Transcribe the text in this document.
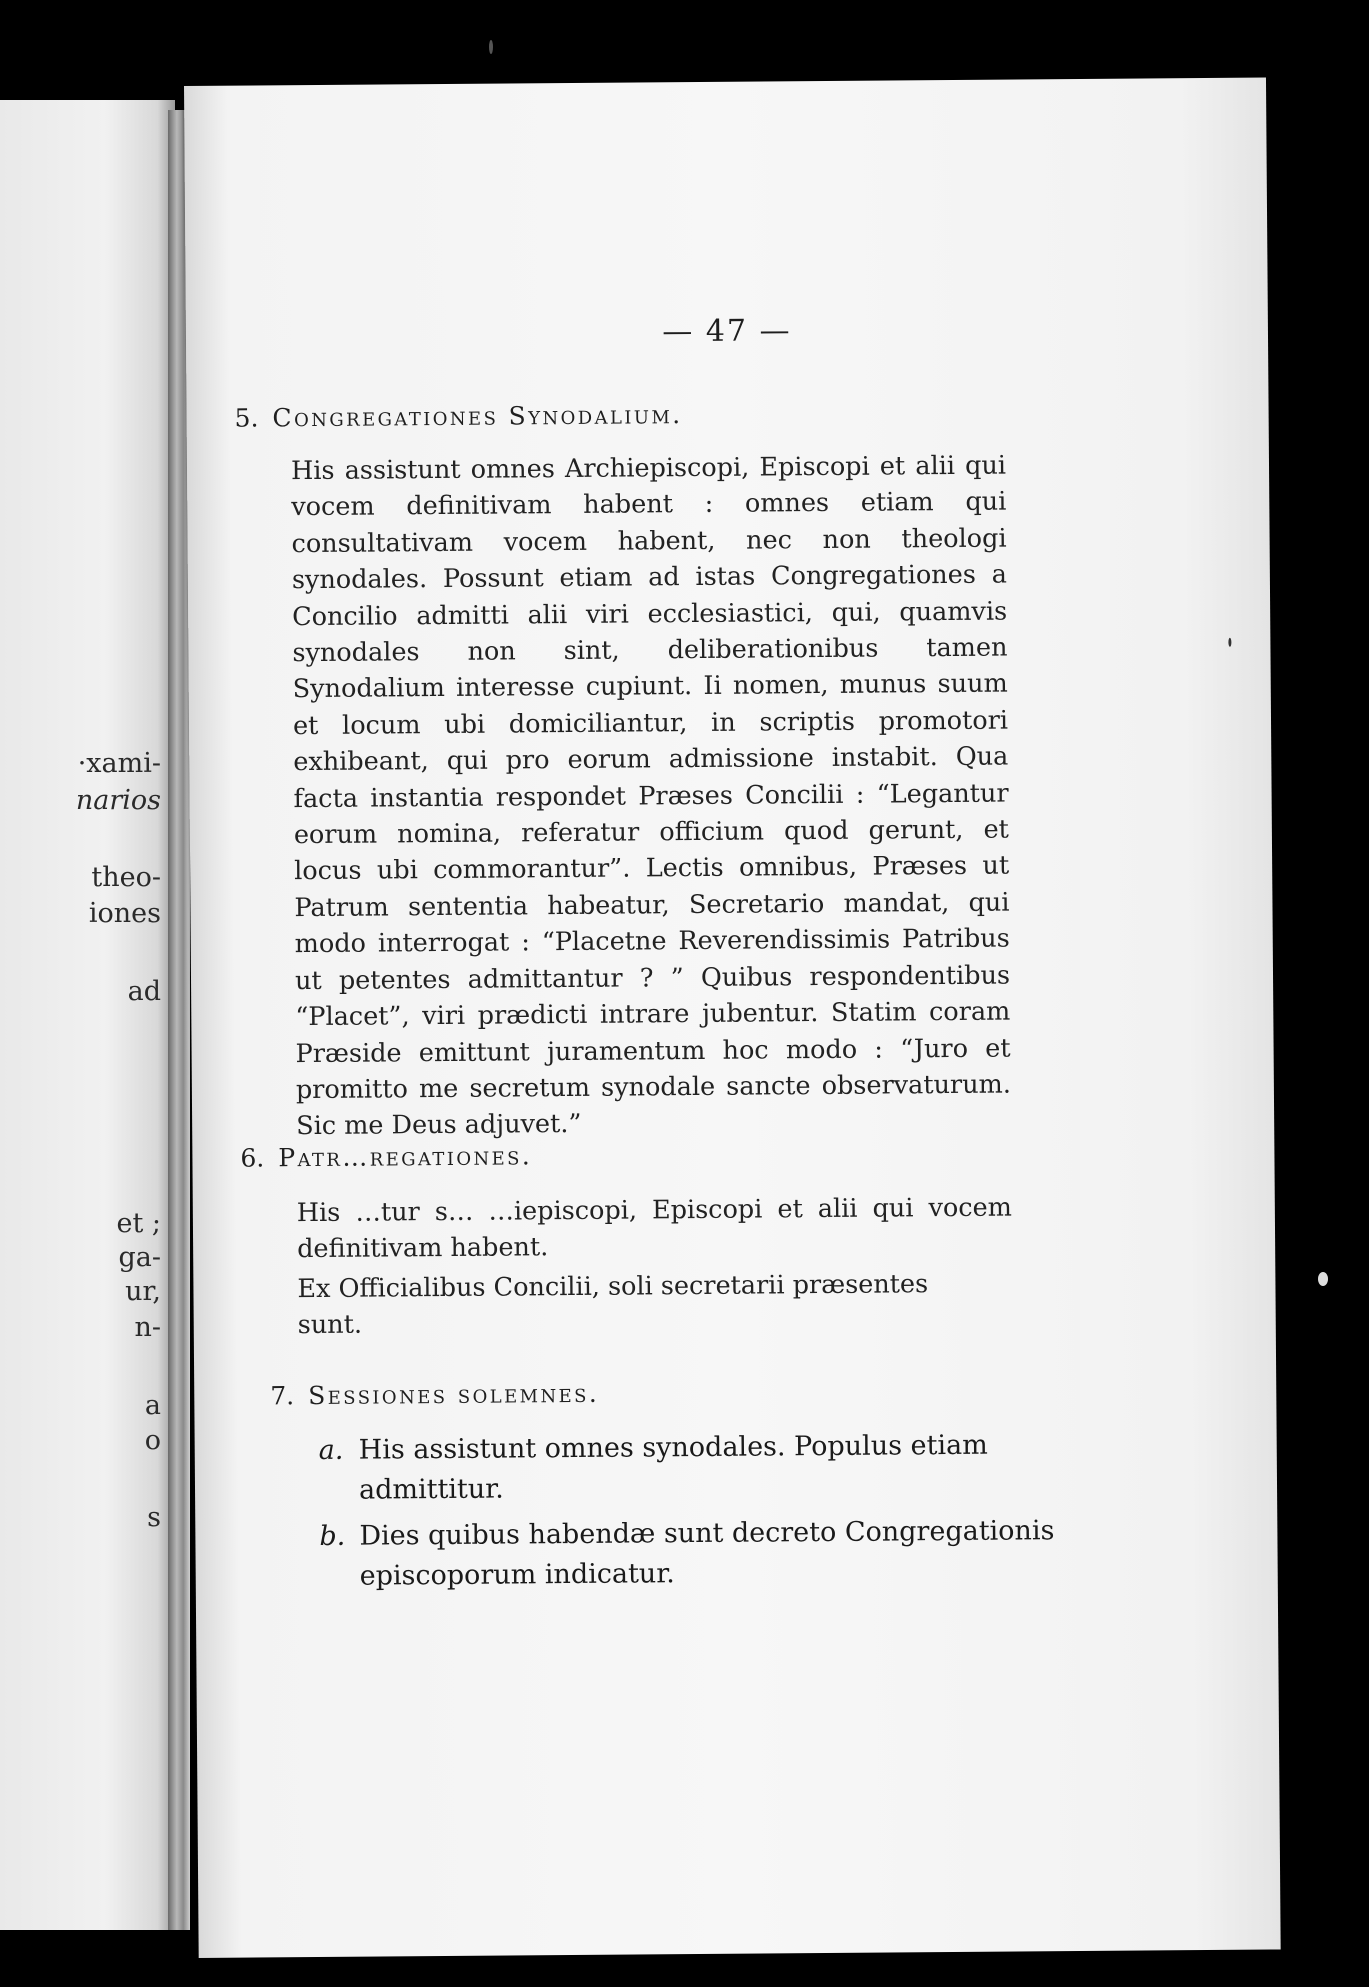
·xami-
narios
theo-
iones
ad
et ;
ga-
ur,
n-
a
o
s
— 47 —
5. Congregationes Synodalium.
His assistunt omnes Archiepiscopi, Episcopi et alii qui vocem definitivam habent : omnes etiam qui consultativam vocem habent, nec non theologi synodales. Possunt etiam ad istas Congregationes a Concilio admitti alii viri ecclesiastici, qui, quamvis synodales non sint, deliberationibus tamen Synodalium interesse cupiunt. Ii nomen, munus suum et locum ubi domiciliantur, in scriptis promotori exhibeant, qui pro eorum admissione instabit. Qua facta instantia respondet Præses Concilii : “Legantur eorum nomina, referatur officium quod gerunt, et locus ubi commorantur”. Lectis omnibus, Præses ut Patrum sententia habeatur, Secretario mandat, qui modo interrogat : “Placetne Reverendissimis Patribus ut petentes admittantur ? ” Quibus respondentibus “Placet”, viri prædicti intrare jubentur. Statim coram Præside emittunt juramentum hoc modo : “Juro et promitto me secretum synodale sancte observaturum. Sic me Deus adjuvet.”
6. Patr…regationes.
His …tur s… …iepiscopi, Episcopi et alii qui vocem definitivam habent.
Ex Officialibus Concilii, soli secretarii præsentes
sunt.
7. Sessiones solemnes.
a. His assistunt omnes synodales. Populus etiam admittitur.
b. Dies quibus habendæ sunt decreto Congregationis episcoporum indicatur.
